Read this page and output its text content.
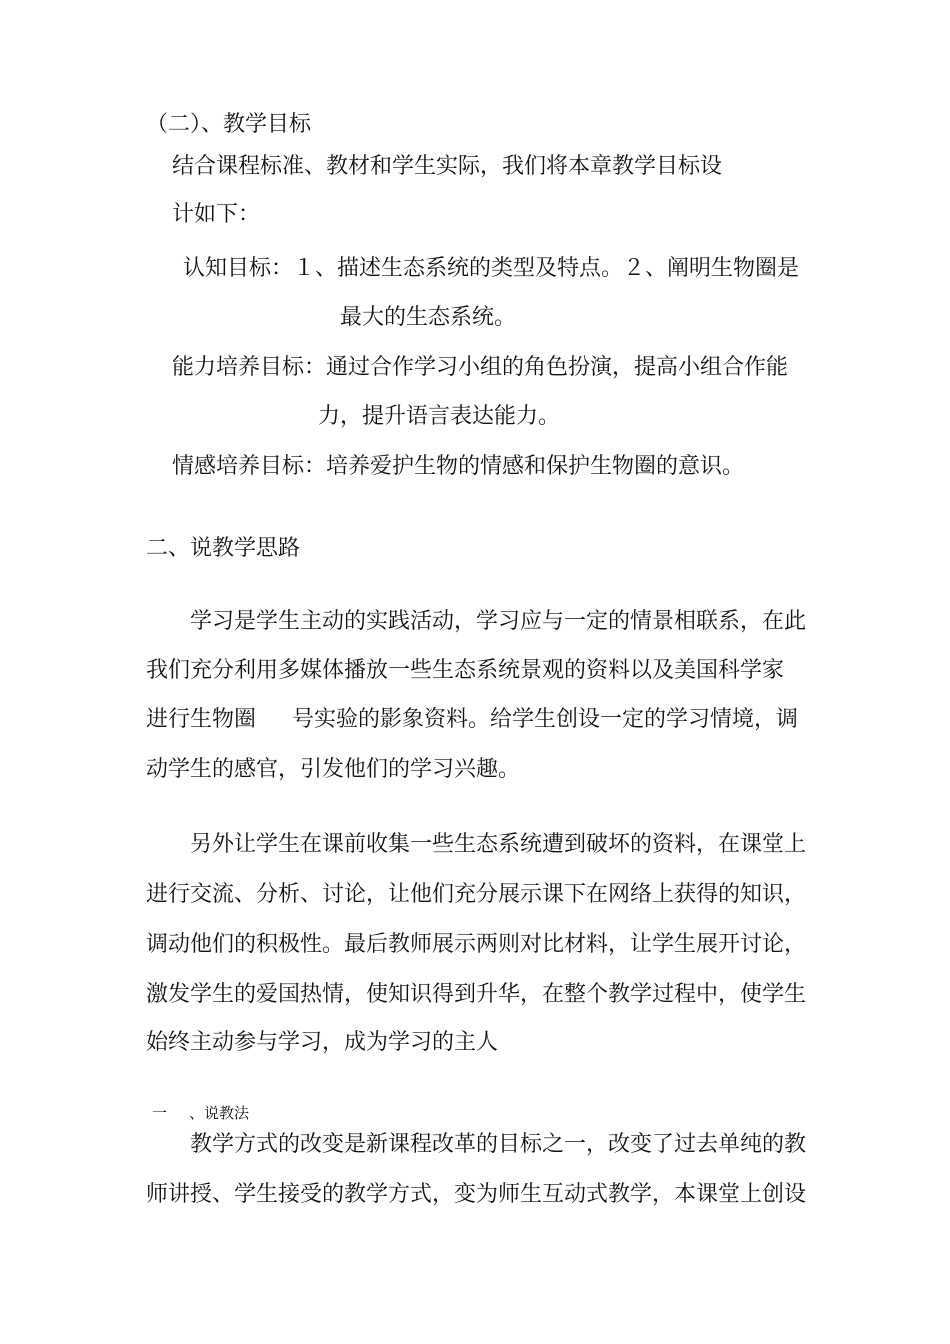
（二）、教学目标
结合课程标准、教材和学生实际，我们将本章教学目标设
计如下：
认知目标：１、描述生态系统的类型及特点。２、阐明生物圈是
最大的生态系统。
能力培养目标：通过合作学习小组的角色扮演，提高小组合作能
力，提升语言表达能力。
情感培养目标：培养爱护生物的情感和保护生物圈的意识。
二、说教学思路
学习是学生主动的实践活动，学习应与一定的情景相联系，在此
我们充分利用多媒体播放一些生态系统景观的资料以及美国科学家
进行生物圈 号实验的影象资料。给学生创设一定的学习情境，调
动学生的感官，引发他们的学习兴趣。
另外让学生在课前收集一些生态系统遭到破坏的资料，在课堂上
进行交流、分析、讨论，让他们充分展示课下在网络上获得的知识，
调动他们的积极性。最后教师展示两则对比材料，让学生展开讨论，
激发学生的爱国热情，使知识得到升华，在整个教学过程中，使学生
始终主动参与学习，成为学习的主人
一 、说教法
教学方式的改变是新课程改革的目标之一，改变了过去单纯的教
师讲授、学生接受的教学方式，变为师生互动式教学，本课堂上创设
